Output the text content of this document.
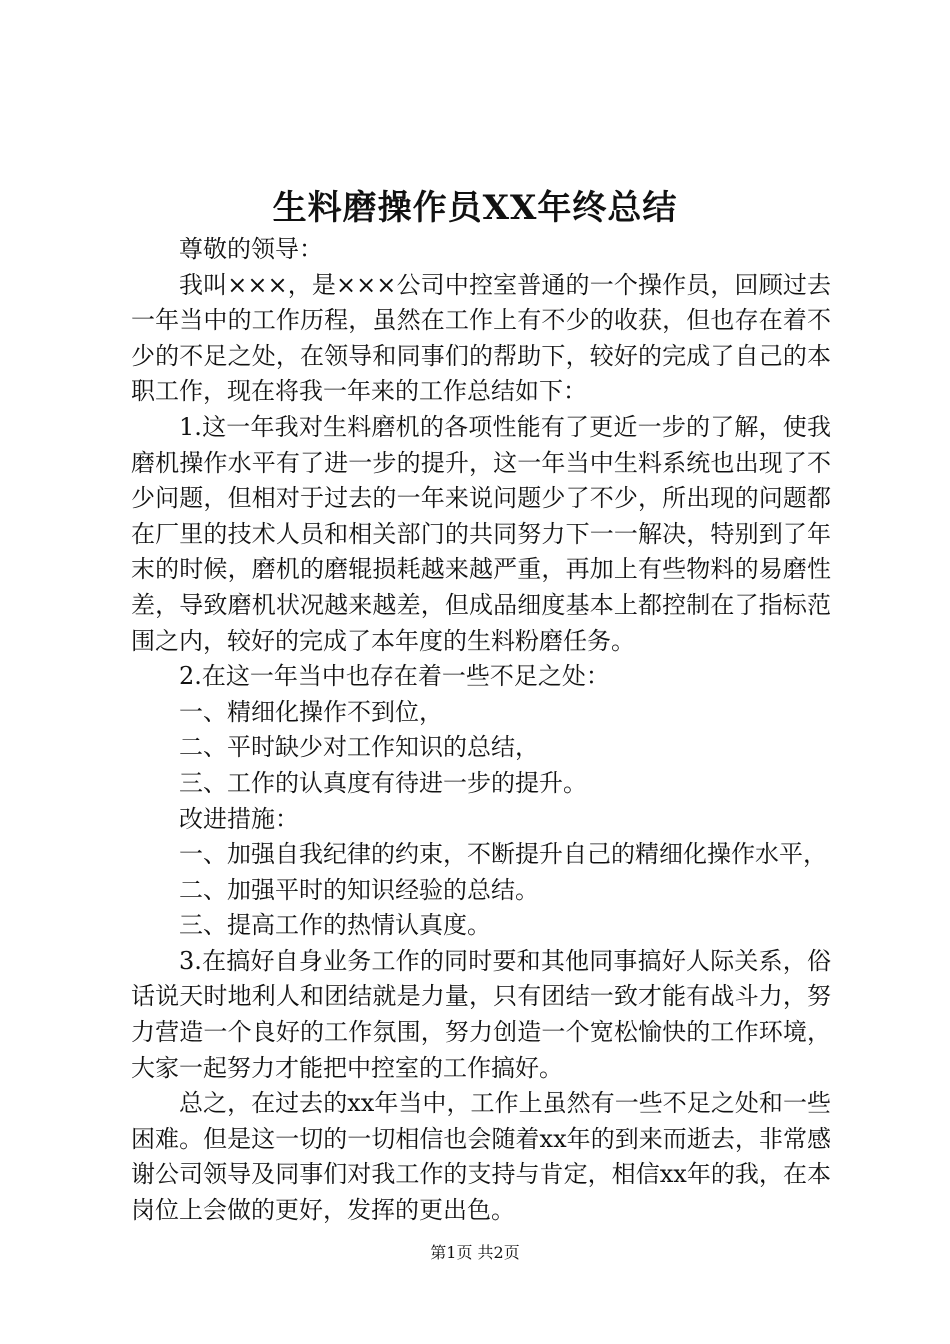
生料磨操作员XX年终总结

尊敬的领导：

我叫×××，是×××公司中控室普通的一个操作员，回顾过去一年当中的工作历程，虽然在工作上有不少的收获，但也存在着不少的不足之处，在领导和同事们的帮助下，较好的完成了自己的本职工作，现在将我一年来的工作总结如下：

1.这一年我对生料磨机的各项性能有了更近一步的了解，使我磨机操作水平有了进一步的提升，这一年当中生料系统也出现了不少问题，但相对于过去的一年来说问题少了不少，所出现的问题都在厂里的技术人员和相关部门的共同努力下一一解决，特别到了年末的时候，磨机的磨辊损耗越来越严重，再加上有些物料的易磨性差，导致磨机状况越来越差，但成品细度基本上都控制在了指标范围之内，较好的完成了本年度的生料粉磨任务。

2.在这一年当中也存在着一些不足之处：

一、精细化操作不到位，

二、平时缺少对工作知识的总结，

三、工作的认真度有待进一步的提升。

改进措施：

一、加强自我纪律的约束，不断提升自己的精细化操作水平，

二、加强平时的知识经验的总结。

三、提高工作的热情认真度。

3.在搞好自身业务工作的同时要和其他同事搞好人际关系，俗话说天时地利人和团结就是力量，只有团结一致才能有战斗力，努力营造一个良好的工作氛围，努力创造一个宽松愉快的工作环境，大家一起努力才能把中控室的工作搞好。

总之，在过去的xx年当中，工作上虽然有一些不足之处和一些困难。但是这一切的一切相信也会随着xx年的到来而逝去，非常感谢公司领导及同事们对我工作的支持与肯定，相信xx年的我，在本岗位上会做的更好，发挥的更出色。

第1页 共2页
